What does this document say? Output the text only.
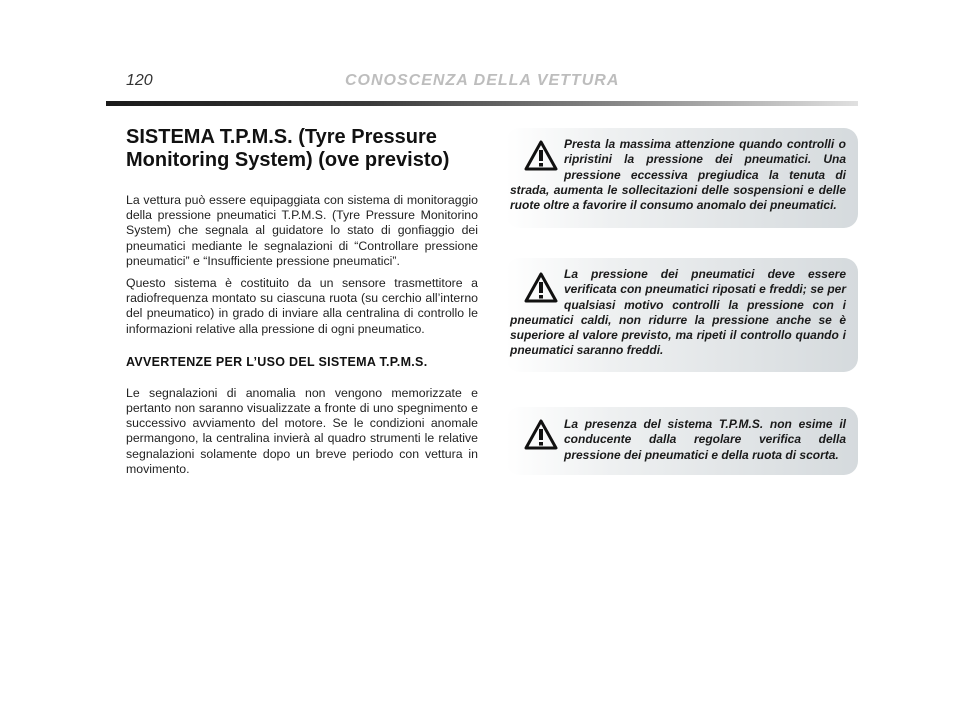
120	CONOSCENZA DELLA VETTURA
SISTEMA T.P.M.S. (Tyre Pressure Monitoring System) (ove previsto)

La vettura può essere equipaggiata con sistema di monitoraggio della pressione pneumatici T.P.M.S. (Tyre Pressure Monitorino System) che segnala al guidatore lo stato di gonfiaggio dei pneumatici mediante le segnalazioni di “Controllare pressione pneumatici” e “Insufficiente pressione pneumatici”.

Questo sistema è costituito da un sensore trasmettitore a radiofrequenza montato su ciascuna ruota (su cerchio all’interno del pneumatico) in grado di inviare alla centralina di controllo le informazioni relative alla pressione di ogni pneumatico.

AVVERTENZE PER L’USO DEL SISTEMA T.P.M.S.

Le segnalazioni di anomalia non vengono memorizzate e pertanto non saranno visualizzate a fronte di uno spegnimento e successivo avviamento del motore. Se le condizioni anomale permangono, la centralina invierà al quadro strumenti le relative segnalazioni solamente dopo un breve periodo con vettura in movimento.

Presta la massima attenzione quando controlli o ripristini la pressione dei pneumatici. Una pressione eccessiva pregiudica la tenuta di strada, aumenta le sollecitazioni delle sospensioni e delle ruote oltre a favorire il consumo anomalo dei pneumatici.
La pressione dei pneumatici deve essere verificata con pneumatici riposati e freddi; se per qualsiasi motivo controlli la pressione con i pneumatici caldi, non ridurre la pressione anche se è superiore al valore previsto, ma ripeti il controllo quando i pneumatici saranno freddi.
La presenza del sistema T.P.M.S. non esime il conducente dalla regolare verifica della pressione dei pneumatici e della ruota di scorta.
